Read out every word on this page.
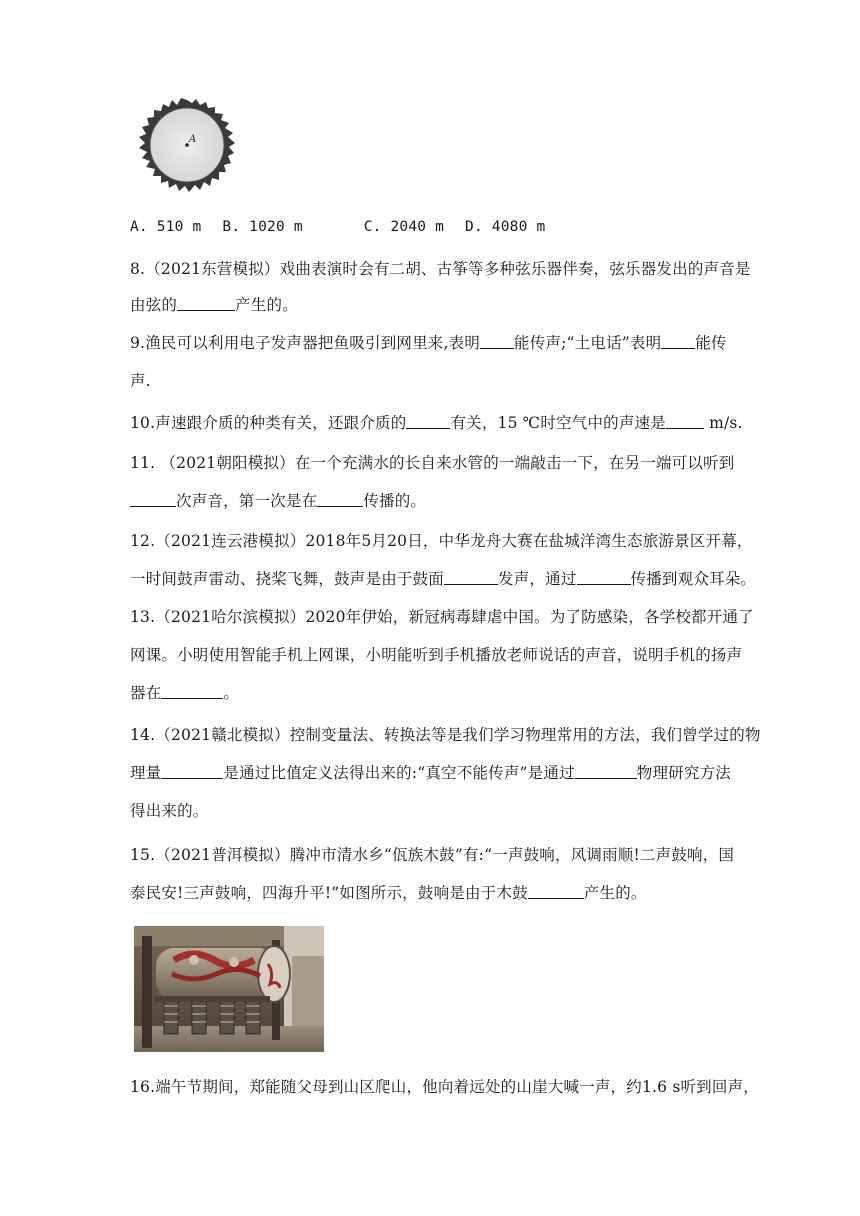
A
A. 510 m B. 1020 m	C. 2040 m D. 4080 m
8.（2021东营模拟）戏曲表演时会有二胡、古筝等多种弦乐器伴奏，弦乐器发出的声音是
由弦的	产生的。
9.渔民可以利用电子发声器把鱼吸引到网里来,表明 能传声;“土电话”表明 能传
声.
10.声速跟介质的种类有关，还跟介质的	有关，15 ℃时空气中的声速是 m/s.
11. （2021朝阳模拟）在一个充满水的长自来水管的一端敲击一下，在另一端可以听到
次声音，第一次是在	传播的。
12.（2021连云港模拟）2018年5月20日，中华龙舟大赛在盐城洋湾生态旅游景区开幕，
一时间鼓声雷动、挠桨飞舞，鼓声是由于鼓面	发声，通过	传播到观众耳朵。
13.（2021哈尔滨模拟）2020年伊始，新冠病毒肆虐中国。为了防感染，各学校都开通了
网课。小明使用智能手机上网课，小明能听到手机播放老师说话的声音，说明手机的扬声
器在	。
14.（2021赣北模拟）控制变量法、转换法等是我们学习物理常用的方法，我们曾学过的物
理量	是通过比值定义法得出来的:“真空不能传声”是通过	物理研究方法
得出来的。
15.（2021普洱模拟）腾冲市清水乡“佤族木鼓”有:“一声鼓响，风调雨顺!二声鼓响，国
泰民安!三声鼓响，四海升平!”如图所示，鼓响是由于木鼓	产生的。
16.端午节期间，郑能随父母到山区爬山，他向着远处的山崖大喊一声，约1.6 s听到回声，
